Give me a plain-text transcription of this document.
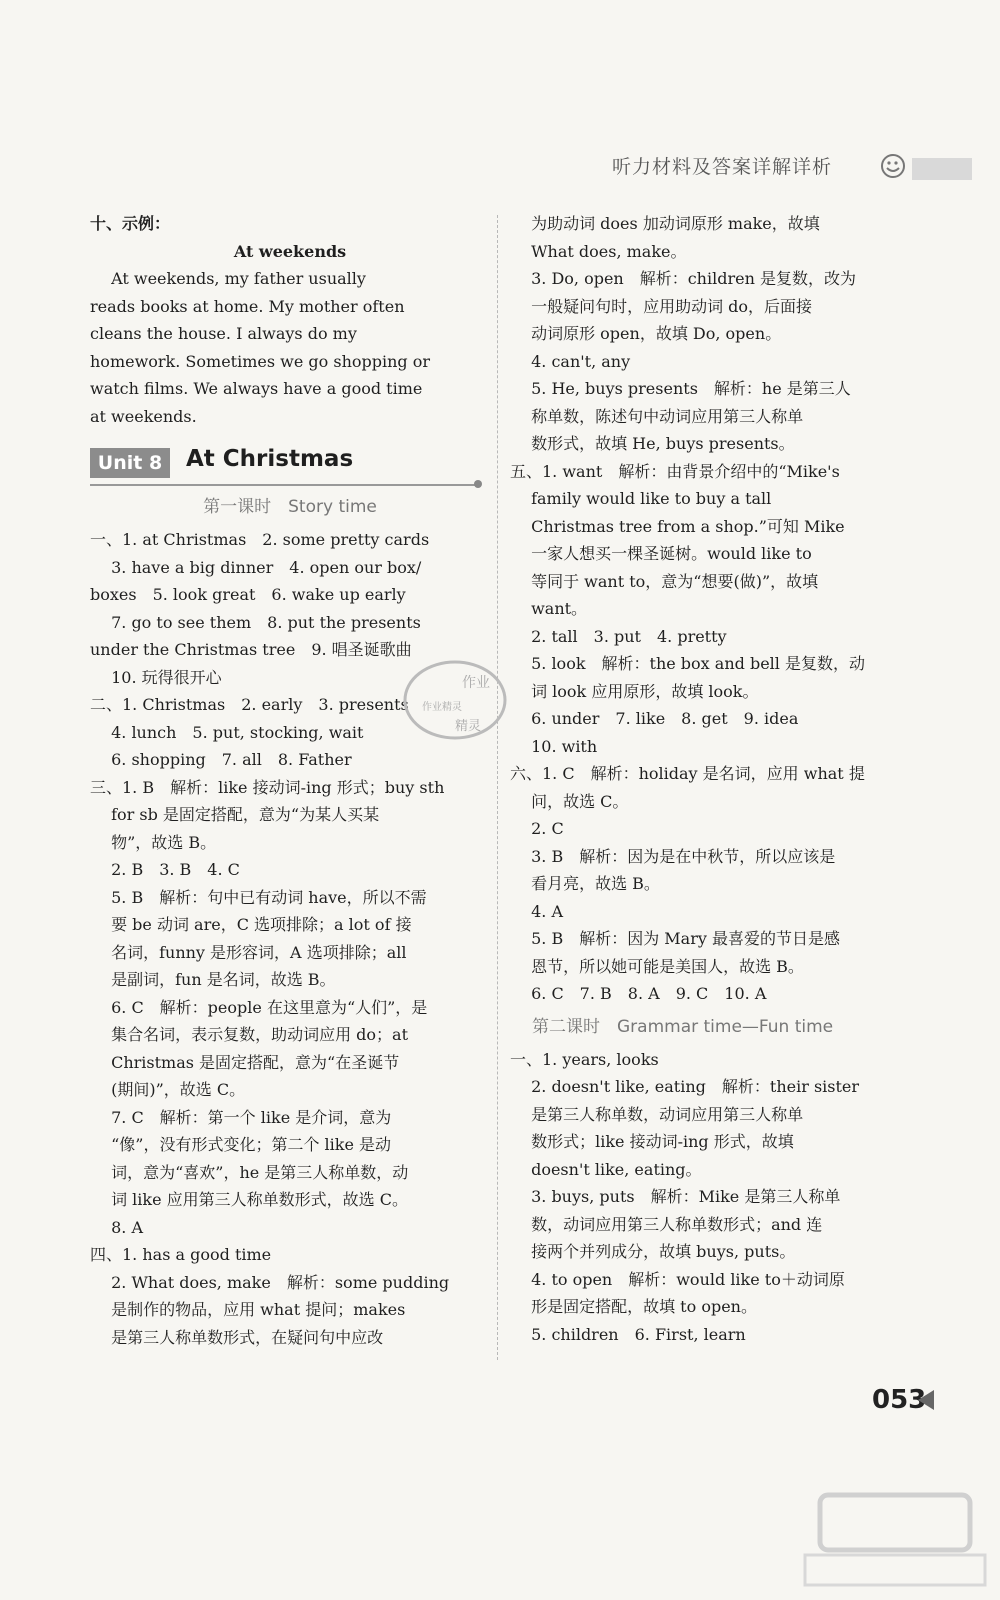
听力材料及答案详解详析
十、示例：
At weekends
　 At weekends, my father usually
reads books at home. My mother often
cleans the house. I always do my
homework. Sometimes we go shopping or
watch films. We always have a good time
at weekends.
Unit 8	At Christmas
第一课时　Story time
一、1. at Christmas　2. some pretty cards
　 3. have a big dinner　4. open our box/
boxes　5. look great　6. wake up early
　 7. go to see them　8. put the presents
under the Christmas tree　9. 唱圣诞歌曲
　 10. 玩得很开心
二、1. Christmas　2. early　3. presents
　 4. lunch　5. put, stocking, wait
　 6. shopping　7. all　8. Father
三、1. B　解析：like 接动词-ing 形式；buy sth
　 for sb 是固定搭配，意为“为某人买某
　 物”，故选 B。
　 2. B　3. B　4. C
　 5. B　解析：句中已有动词 have，所以不需
　 要 be 动词 are，C 选项排除；a lot of 接
　 名词，funny 是形容词，A 选项排除；all
　 是副词，fun 是名词，故选 B。
　 6. C　解析：people 在这里意为“人们”，是
　 集合名词，表示复数，助动词应用 do；at
　 Christmas 是固定搭配，意为“在圣诞节
　 (期间)”，故选 C。
　 7. C　解析：第一个 like 是介词，意为
　 “像”，没有形式变化；第二个 like 是动
　 词，意为“喜欢”，he 是第三人称单数，动
　 词 like 应用第三人称单数形式，故选 C。
　 8. A
四、1. has a good time
　 2. What does, make　解析：some pudding
　 是制作的物品，应用 what 提问；makes
　 是第三人称单数形式，在疑问句中应改
　 为助动词 does 加动词原形 make，故填
　 What does, make。
　 3. Do, open　解析：children 是复数，改为
　 一般疑问句时，应用助动词 do，后面接
　 动词原形 open，故填 Do, open。
　 4. can't, any
　 5. He, buys presents　解析：he 是第三人
　 称单数，陈述句中动词应用第三人称单
　 数形式，故填 He, buys presents。
五、1. want　解析：由背景介绍中的“Mike's
　 family would like to buy a tall
　 Christmas tree from a shop.”可知 Mike
　 一家人想买一棵圣诞树。would like to
　 等同于 want to，意为“想要(做)”，故填
　 want。
　 2. tall　3. put　4. pretty
　 5. look　解析：the box and bell 是复数，动
　 词 look 应用原形，故填 look。
　 6. under　7. like　8. get　9. idea
　 10. with
六、1. C　解析：holiday 是名词，应用 what 提
　 问，故选 C。
　 2. C
　 3. B　解析：因为是在中秋节，所以应该是
　 看月亮，故选 B。
　 4. A
　 5. B　解析：因为 Mary 最喜爱的节日是感
　 恩节，所以她可能是美国人，故选 B。
　 6. C　7. B　8. A　9. C　10. A
第二课时　Grammar time—Fun time
一、1. years, looks
　 2. doesn't like, eating　解析：their sister
　 是第三人称单数，动词应用第三人称单
　 数形式；like 接动词-ing 形式，故填
　 doesn't like, eating。
　 3. buys, puts　解析：Mike 是第三人称单
　 数，动词应用第三人称单数形式；and 连
　 接两个并列成分，故填 buys, puts。
　 4. to open　解析：would like to＋动词原
　 形是固定搭配，故填 to open。
　 5. children　6. First, learn
作业
作业精灵
精灵
053
